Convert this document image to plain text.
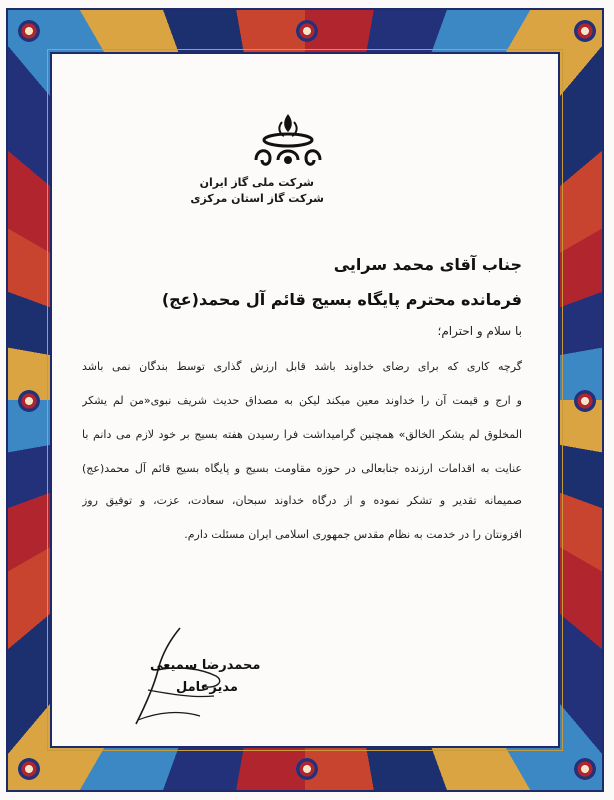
شرکت ملی گاز ایران
شرکت گاز استان مرکزی
جناب آقای محمد سرایی
فرمانده محترم پایگاه بسیج قائم آل محمد(عج)
با سلام و احترام؛
گرچه کاری که برای رضای خداوند باشد قابل ارزش گذاری توسط بندگان نمی باشد
و ارج و قیمت آن را خداوند معین میکند لیکن به مصداق حدیث شریف نبوی«من لم یشکر
المخلوق لم یشکر الخالق» همچنین گرامیداشت فرا رسیدن هفته بسیج بر خود لازم می دانم با
عنایت به اقدامات ارزنده جنابعالی در حوزه مقاومت بسیج و پایگاه بسیج قائم آل محمد(عج)
صمیمانه تقدیر و تشکر نموده و از درگاه خداوند سبحان، سعادت، عزت، و توفیق روز
افزونتان را در خدمت به نظام مقدس جمهوری اسلامی ایران مسئلت دارم.
محمدرضا سمیعی
مدیرعامل
